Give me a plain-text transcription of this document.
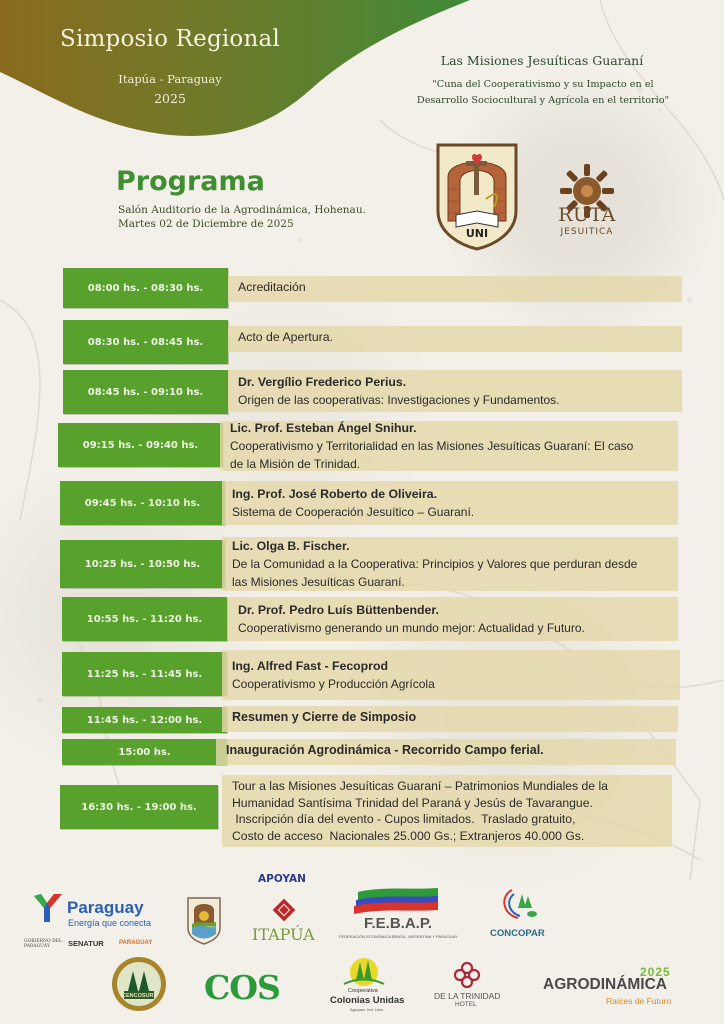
Simposio Regional
Itapúa - Paraguay
2025
Las Misiones Jesuíticas Guaraní
"Cuna del Cooperativismo y su Impacto en el
Desarrollo Sociocultural y Agrícola en el territorio"
Programa
Salón Auditorio de la Agrodinámica, Hohenau.
Martes 02 de Diciembre de 2025
UNI
RUTA
JESUITICA
08:00 hs. - 08:30 hs.	Acreditación
08:30 hs. - 08:45 hs.	Acto de Apertura.
08:45 hs. - 09:10 hs.
Dr. Vergílio Frederico Perius.
Origen de las cooperativas: Investigaciones y Fundamentos.
09:15 hs. - 09:40 hs.
Lic. Prof. Esteban Ángel Snihur.
Cooperativismo y Territorialidad en las Misiones Jesuíticas Guaraní: El caso
de la Misión de Trinidad.
09:45 hs. - 10:10 hs.
Ing. Prof. José Roberto de Oliveira.
Sistema de Cooperación Jesuítico – Guaraní.
10:25 hs. - 10:50 hs.
Lic. Olga B. Fischer.
De la Comunidad a la Cooperativa: Principios y Valores que perduran desde
las Misiones Jesuíticas Guaraní.
10:55 hs. - 11:20 hs.
Dr. Prof. Pedro Luís Büttenbender.
Cooperativismo generando un mundo mejor: Actualidad y Futuro.
11:25 hs. - 11:45 hs.
Ing. Alfred Fast - Fecoprod
Cooperativismo y Producción Agrícola
11:45 hs. - 12:00 hs.	Resumen y Cierre de Simposio
15:00 hs.	Inauguración Agrodinámica - Recorrido Campo ferial.
16:30 hs. - 19:00 hs.
Tour a las Misiones Jesuíticas Guaraní – Patrimonios Mundiales de la
Humanidad Santísima Trinidad del Paraná y Jesús de Tavarangue.
Inscripción día del evento - Cupos limitados.  Traslado gratuito,
Costo de acceso  Nacionales 25.000 Gs.; Extranjeros 40.000 Gs.
APOYAN
Paraguay
Energía que conecta
GOBIERNO DEL PARAGUAY	SENATUR	PARAGUAY	ITAPÚA
F.E.B.A.P.
FEDERACIÓN ECONÓMICA BRASIL, ARGENTINA Y PARAGUAY	CONCOPAR
CENCOSUR COS	Cooperativa
Colonias Unidas
Agropec. Ind. Ltda.
DE LA TRINIDAD
HOTEL
2025
AGRODINÁMICA
Raíces de Futuro
